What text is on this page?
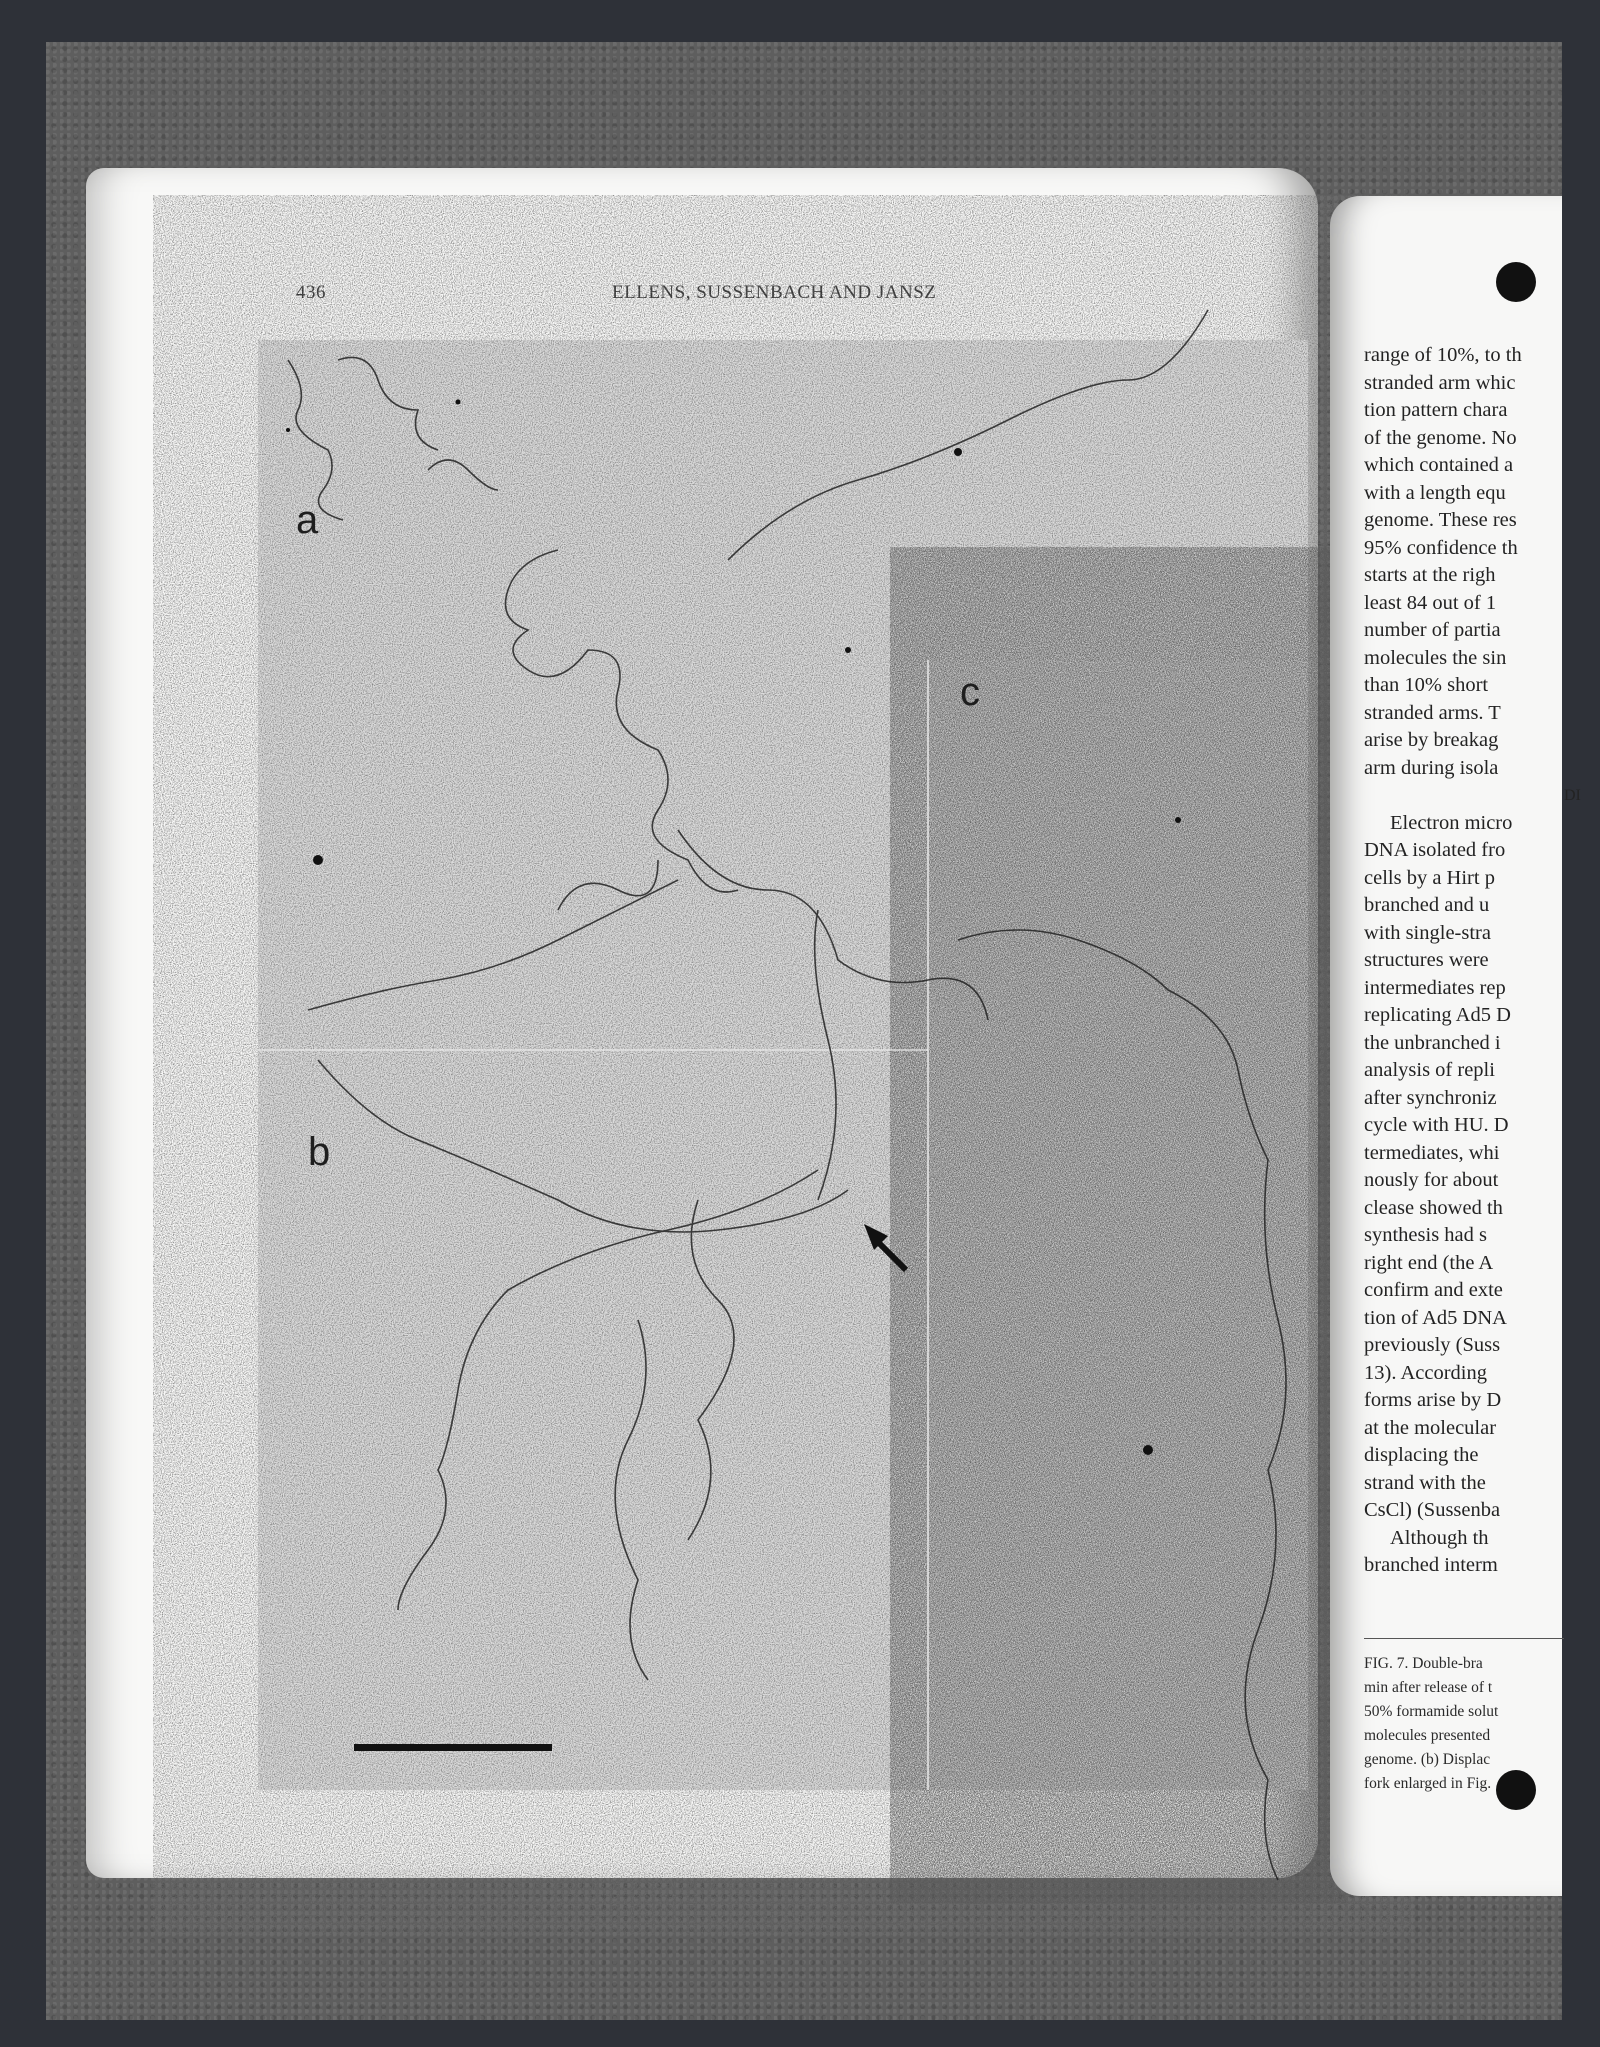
436	ELLENS, SUSSENBACH AND JANSZ
a
b
c
range of 10%, to th
stranded arm whic
tion pattern chara
of the genome. No
which contained a
with a length equ
genome. These res
95% confidence th
starts at the righ
least 84 out of 1
number of partia
molecules the sin
than 10% short
stranded arms. T
arise by breakag
arm during isola
DI
Electron micro
DNA isolated fro
cells by a Hirt p
branched and u
with single-stra
structures were
intermediates rep
replicating Ad5 D
the unbranched i
analysis of repli
after synchroniz
cycle with HU. D
termediates, whi
nously for about
clease showed th
synthesis had s
right end (the A
confirm and exte
tion of Ad5 DNA
previously (Suss
13). According
forms arise by D
at the molecular
displacing the
strand with the
CsCl) (Sussenba
Although th
branched interm
FIG. 7. Double-bra
min after release of t
50% formamide solut
molecules presented
genome. (b) Displac
fork enlarged in Fig.
